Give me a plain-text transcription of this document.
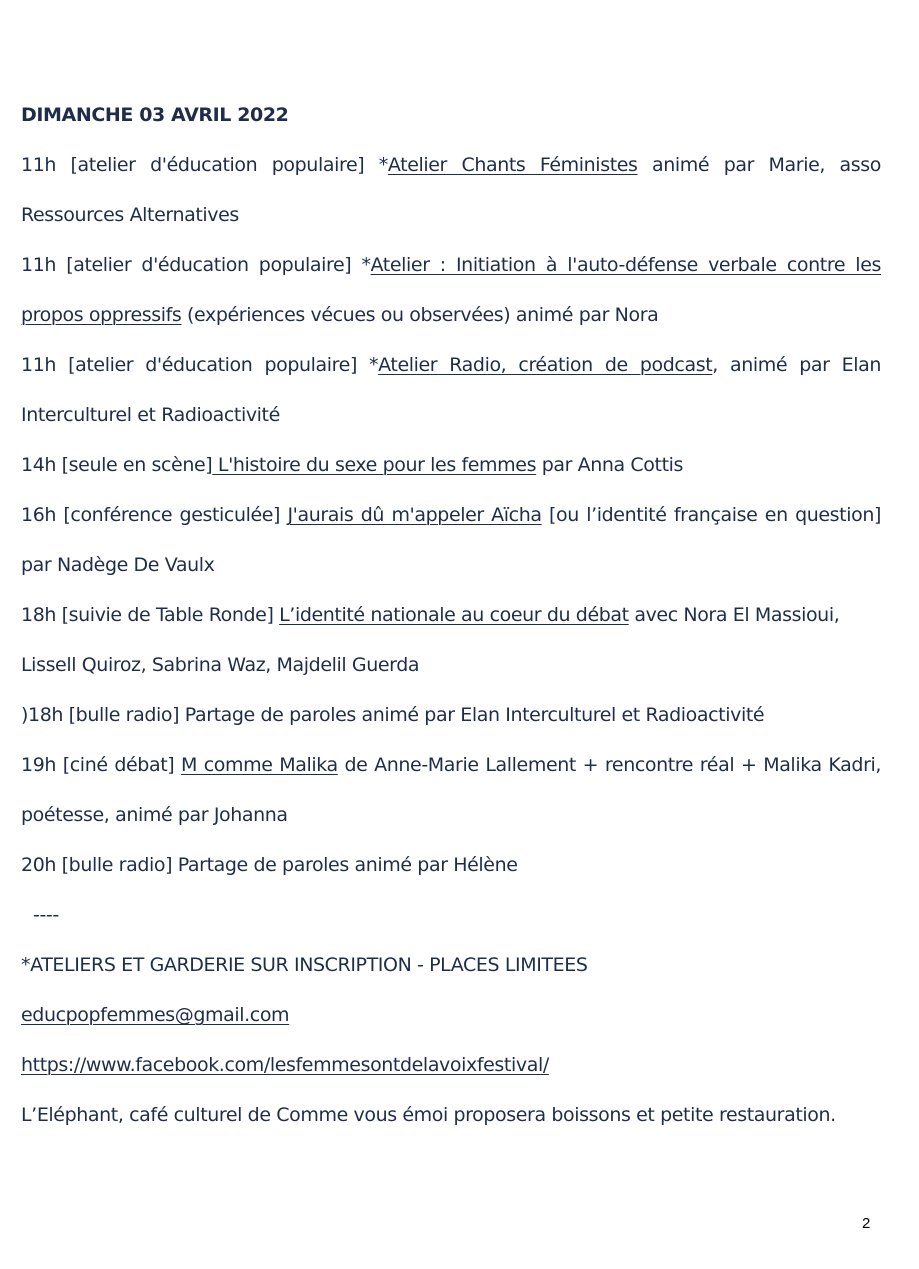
DIMANCHE 03 AVRIL 2022

11h [atelier d'éducation populaire] *Atelier Chants Féministes animé par Marie, asso Ressources Alternatives

11h [atelier d'éducation populaire] *Atelier : Initiation à l'auto-défense verbale contre les propos oppressifs (expériences vécues ou observées) animé par Nora

11h [atelier d'éducation populaire] *Atelier Radio, création de podcast, animé par Elan Interculturel et Radioactivité

14h [seule en scène] L'histoire du sexe pour les femmes par Anna Cottis

16h [conférence gesticulée] J'aurais dû m'appeler Aïcha [ou l’identité française en question] par Nadège De Vaulx

18h [suivie de Table Ronde] L’identité nationale au coeur du débat avec Nora El Massioui, Lissell Quiroz, Sabrina Waz, Majdelil Guerda

)18h [bulle radio] Partage de paroles animé par Elan Interculturel et Radioactivité

19h [ciné débat] M comme Malika de Anne-Marie Lallement + rencontre réal + Malika Kadri, poétesse, animé par Johanna

20h [bulle radio] Partage de paroles animé par Hélène

----

*ATELIERS ET GARDERIE SUR INSCRIPTION - PLACES LIMITEES

educpopfemmes@gmail.com

https://www.facebook.com/lesfemmesontdelavoixfestival/

L’Eléphant, café culturel de Comme vous émoi proposera boissons et petite restauration.

2
